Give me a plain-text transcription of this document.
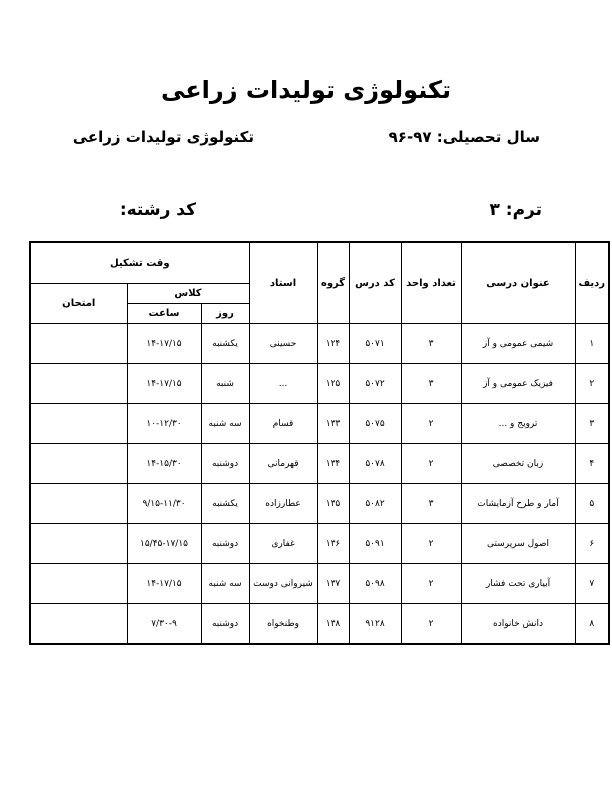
تکنولوژی تولیدات زراعی
تکنولوژی تولیدات زراعی	سال تحصیلی: ۹۷-۹۶
ترم: ۳
کد رشته:
ردیف	عنوان درسی	تعداد واحد	کد درس	گروه	استاد	وقت تشکیل		
						کلاس		امتحان
						روز	ساعت	
۱	شیمی عمومی و آز	۳	۵۰۷۱	۱۲۴	حسینی	یکشنبه	۱۴-۱۷/۱۵	
۲	فیزیک عمومی و آز	۳	۵۰۷۲	۱۲۵	...	شنبه	۱۴-۱۷/۱۵	
۳	ترویج و ...	۲	۵۰۷۵	۱۳۳	قسام	سه شنبه	۱۰-۱۲/۳۰	
۴	زبان تخصصی	۲	۵۰۷۸	۱۳۴	قهرمانی	دوشنبه	۱۴-۱۵/۳۰	
۵	آمار و طرح آزمایشات	۳	۵۰۸۲	۱۳۵	عطارزاده	یکشنبه	۹/۱۵-۱۱/۳۰	
۶	اصول سرپرستی	۲	۵۰۹۱	۱۳۶	غفاری	دوشنبه	۱۵/۴۵-۱۷/۱۵	
۷	آبیاری تحت فشار	۲	۵۰۹۸	۱۳۷	شیروانی دوست	سه شنبه	۱۴-۱۷/۱۵	
۸	دانش خانواده	۲	۹۱۲۸	۱۳۸	وطنخواه	دوشنبه	۷/۳۰-۹	
